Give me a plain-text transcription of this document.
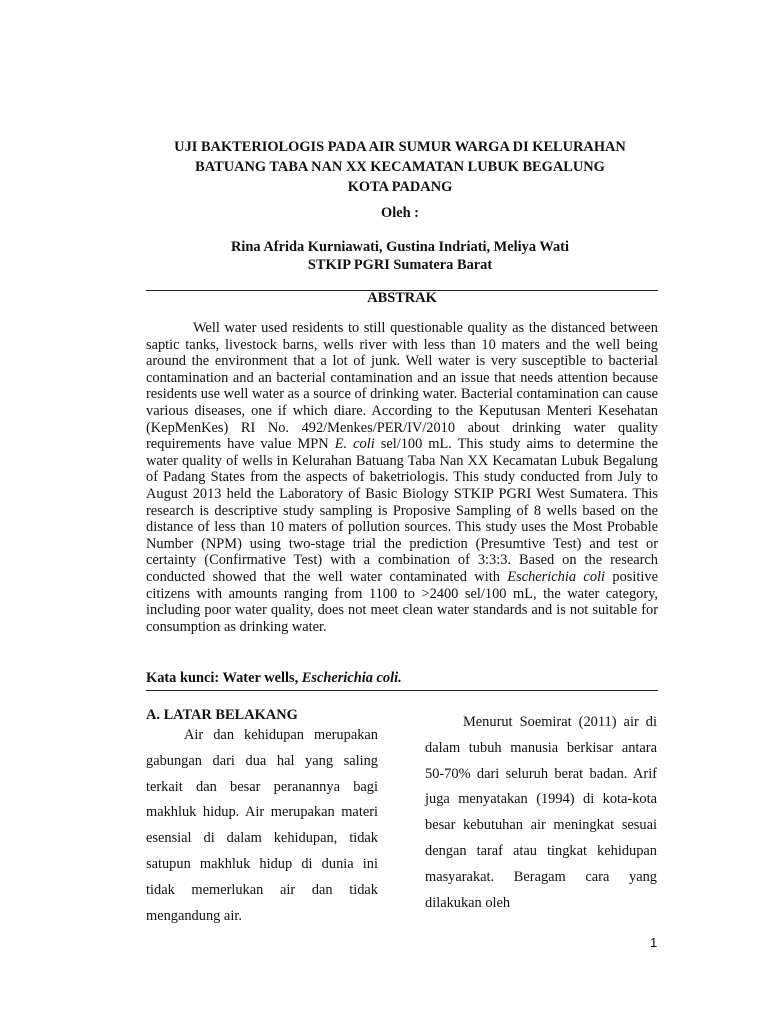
UJI BAKTERIOLOGIS PADA AIR SUMUR WARGA DI KELURAHAN
BATUANG TABA NAN XX KECAMATAN LUBUK BEGALUNG
KOTA PADANG
Oleh :
Rina Afrida Kurniawati, Gustina Indriati, Meliya Wati
STKIP PGRI Sumatera Barat
ABSTRAK

Well water used residents to still questionable quality as the distanced between saptic tanks, livestock barns, wells river with less than 10 maters and the well being around the environment that a lot of junk. Well water is very susceptible to bacterial contamination and an bacterial contamination and an issue that needs attention because residents use well water as a source of drinking water. Bacterial contamination can cause various diseases, one if which diare. According to the Keputusan Menteri Kesehatan (KepMenKes) RI No. 492/Menkes/PER/IV/2010 about drinking water quality requirements have value MPN E. coli sel/100 mL. This study aims to determine the water quality of wells in Kelurahan Batuang Taba Nan XX Kecamatan Lubuk Begalung of Padang States from the aspects of baketriologis. This study conducted from July to August 2013 held the Laboratory of Basic Biology STKIP PGRI West Sumatera. This research is descriptive study sampling is Proposive Sampling of 8 wells based on the distance of less than 10 maters of pollution sources. This study uses the Most Probable Number (NPM) using two-stage trial the prediction (Presumtive Test) and test or certainty (Confirmative Test) with a combination of 3:3:3. Based on the research conducted showed that the well water contaminated with Escherichia coli positive citizens with amounts ranging from 1100 to >2400 sel/100 mL, the water category, including poor water quality, does not meet clean water standards and is not suitable for consumption as drinking water.

Kata kunci: Water wells, Escherichia coli.
A. LATAR BELAKANG

Air dan kehidupan merupakan gabungan dari dua hal yang saling terkait dan besar peranannya bagi makhluk hidup. Air merupakan materi esensial di dalam kehidupan, tidak satupun makhluk hidup di dunia ini tidak memerlukan air dan tidak mengandung air.

Menurut Soemirat (2011) air di dalam tubuh manusia berkisar antara 50-70% dari seluruh berat badan. Arif juga menyatakan (1994) di kota-kota besar kebutuhan air meningkat sesuai dengan taraf atau tingkat kehidupan masyarakat. Beragam cara yang dilakukan oleh

1
